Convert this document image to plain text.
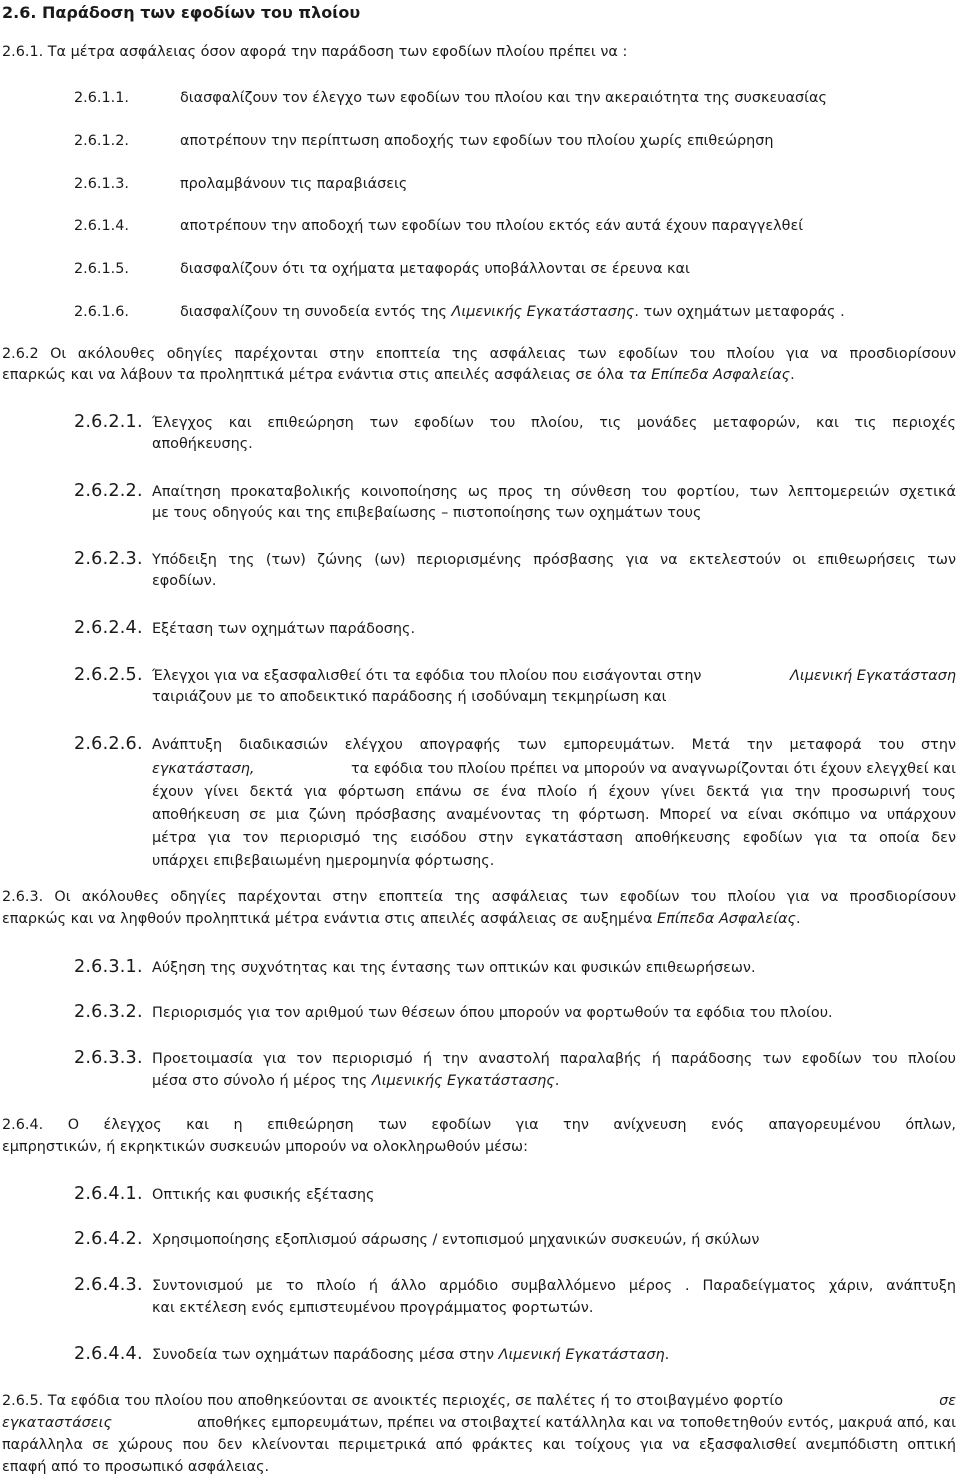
2.6. Παράδοση των εφοδίων του πλοίου
2.6.1. Τα μέτρα ασφάλειας όσον αφορά την παράδοση των εφοδίων πλοίου πρέπει να :
2.6.1.1.	διασφαλίζουν τον έλεγχο των εφοδίων του πλοίου και την ακεραιότητα της συσκευασίας
2.6.1.2.	αποτρέπουν την περίπτωση αποδοχής των εφοδίων του πλοίου χωρίς επιθεώρηση
2.6.1.3.	προλαμβάνουν τις παραβιάσεις
2.6.1.4.	αποτρέπουν την αποδοχή των εφοδίων του πλοίου εκτός εάν αυτά έχουν παραγγελθεί
2.6.1.5.	διασφαλίζουν ότι τα οχήματα μεταφοράς υποβάλλονται σε έρευνα και
2.6.1.6.	διασφαλίζουν τη συνοδεία εντός της Λιμενικής Εγκατάστασης. των οχημάτων μεταφοράς .
2.6.2 Οι ακόλουθες οδηγίες παρέχονται στην εποπτεία της ασφάλειας των εφοδίων του πλοίου για να προσδιορίσουν
επαρκώς και να λάβουν τα προληπτικά μέτρα ενάντια στις απειλές ασφάλειας σε όλα τα Επίπεδα Ασφαλείας.
2.6.2.1. Έλεγχος και επιθεώρηση των εφοδίων του πλοίου, τις μονάδες μεταφορών, και τις περιοχές
αποθήκευσης.
2.6.2.2. Απαίτηση προκαταβολικής κοινοποίησης ως προς τη σύνθεση του φορτίου, των λεπτομερειών σχετικά
με τους οδηγούς και της επιβεβαίωσης – πιστοποίησης των οχημάτων τους
2.6.2.3. Υπόδειξη της (των) ζώνης (ων) περιορισμένης πρόσβασης για να εκτελεστούν οι επιθεωρήσεις των
εφοδίων.
2.6.2.4. Εξέταση των οχημάτων παράδοσης.
2.6.2.5. Έλεγχοι για να εξασφαλισθεί ότι τα εφόδια του πλοίου που εισάγονται στην	Λιμενική Εγκατάσταση
ταιριάζουν με το αποδεικτικό παράδοσης ή ισοδύναμη τεκμηρίωση και
2.6.2.6. Ανάπτυξη διαδικασιών ελέγχου απογραφής των εμπορευμάτων. Μετά την μεταφορά του στην
εγκατάσταση,	τα εφόδια του πλοίου πρέπει να μπορούν να αναγνωρίζονται ότι έχουν ελεγχθεί και
έχουν γίνει δεκτά για φόρτωση επάνω σε ένα πλοίο ή έχουν γίνει δεκτά για την προσωρινή τους
αποθήκευση σε μια ζώνη πρόσβασης αναμένοντας τη φόρτωση. Μπορεί να είναι σκόπιμο να υπάρχουν
μέτρα για τον περιορισμό της εισόδου στην εγκατάσταση αποθήκευσης εφοδίων για τα οποία δεν
υπάρχει επιβεβαιωμένη ημερομηνία φόρτωσης.
2.6.3. Οι ακόλουθες οδηγίες παρέχονται στην εποπτεία της ασφάλειας των εφοδίων του πλοίου για να προσδιορίσουν
επαρκώς και να ληφθούν προληπτικά μέτρα ενάντια στις απειλές ασφάλειας σε αυξημένα Επίπεδα Ασφαλείας.
2.6.3.1. Αύξηση της συχνότητας και της έντασης των οπτικών και φυσικών επιθεωρήσεων.
2.6.3.2. Περιορισμός για τον αριθμού των θέσεων όπου μπορούν να φορτωθούν τα εφόδια του πλοίου.
2.6.3.3. Προετοιμασία για τον περιορισμό ή την αναστολή παραλαβής ή παράδοσης των εφοδίων του πλοίου
μέσα στο σύνολο ή μέρος της Λιμενικής Εγκατάστασης.
2.6.4. Ο έλεγχος και η επιθεώρηση των εφοδίων για την ανίχνευση ενός απαγορευμένου όπλων,
εμπρηστικών, ή εκρηκτικών συσκευών μπορούν να ολοκληρωθούν μέσω:
2.6.4.1. Οπτικής και φυσικής εξέτασης
2.6.4.2. Χρησιμοποίησης εξοπλισμού σάρωσης / εντοπισμού μηχανικών συσκευών, ή σκύλων
2.6.4.3. Συντονισμού με το πλοίο ή άλλο αρμόδιο συμβαλλόμενο μέρος . Παραδείγματος χάριν, ανάπτυξη
και εκτέλεση ενός εμπιστευμένου προγράμματος φορτωτών.
2.6.4.4. Συνοδεία των οχημάτων παράδοσης μέσα στην Λιμενική Εγκατάσταση.
2.6.5. Τα εφόδια του πλοίου που αποθηκεύονται σε ανοικτές περιοχές, σε παλέτες ή το στοιβαγμένο φορτίο	σε
εγκαταστάσεις	αποθήκες εμπορευμάτων, πρέπει να στοιβαχτεί κατάλληλα και να τοποθετηθούν εντός, μακρυά από, και
παράλληλα σε χώρους που δεν κλείνονται περιμετρικά από φράκτες και τοίχους για να εξασφαλισθεί ανεμπόδιστη οπτική
επαφή από το προσωπικό ασφάλειας.
